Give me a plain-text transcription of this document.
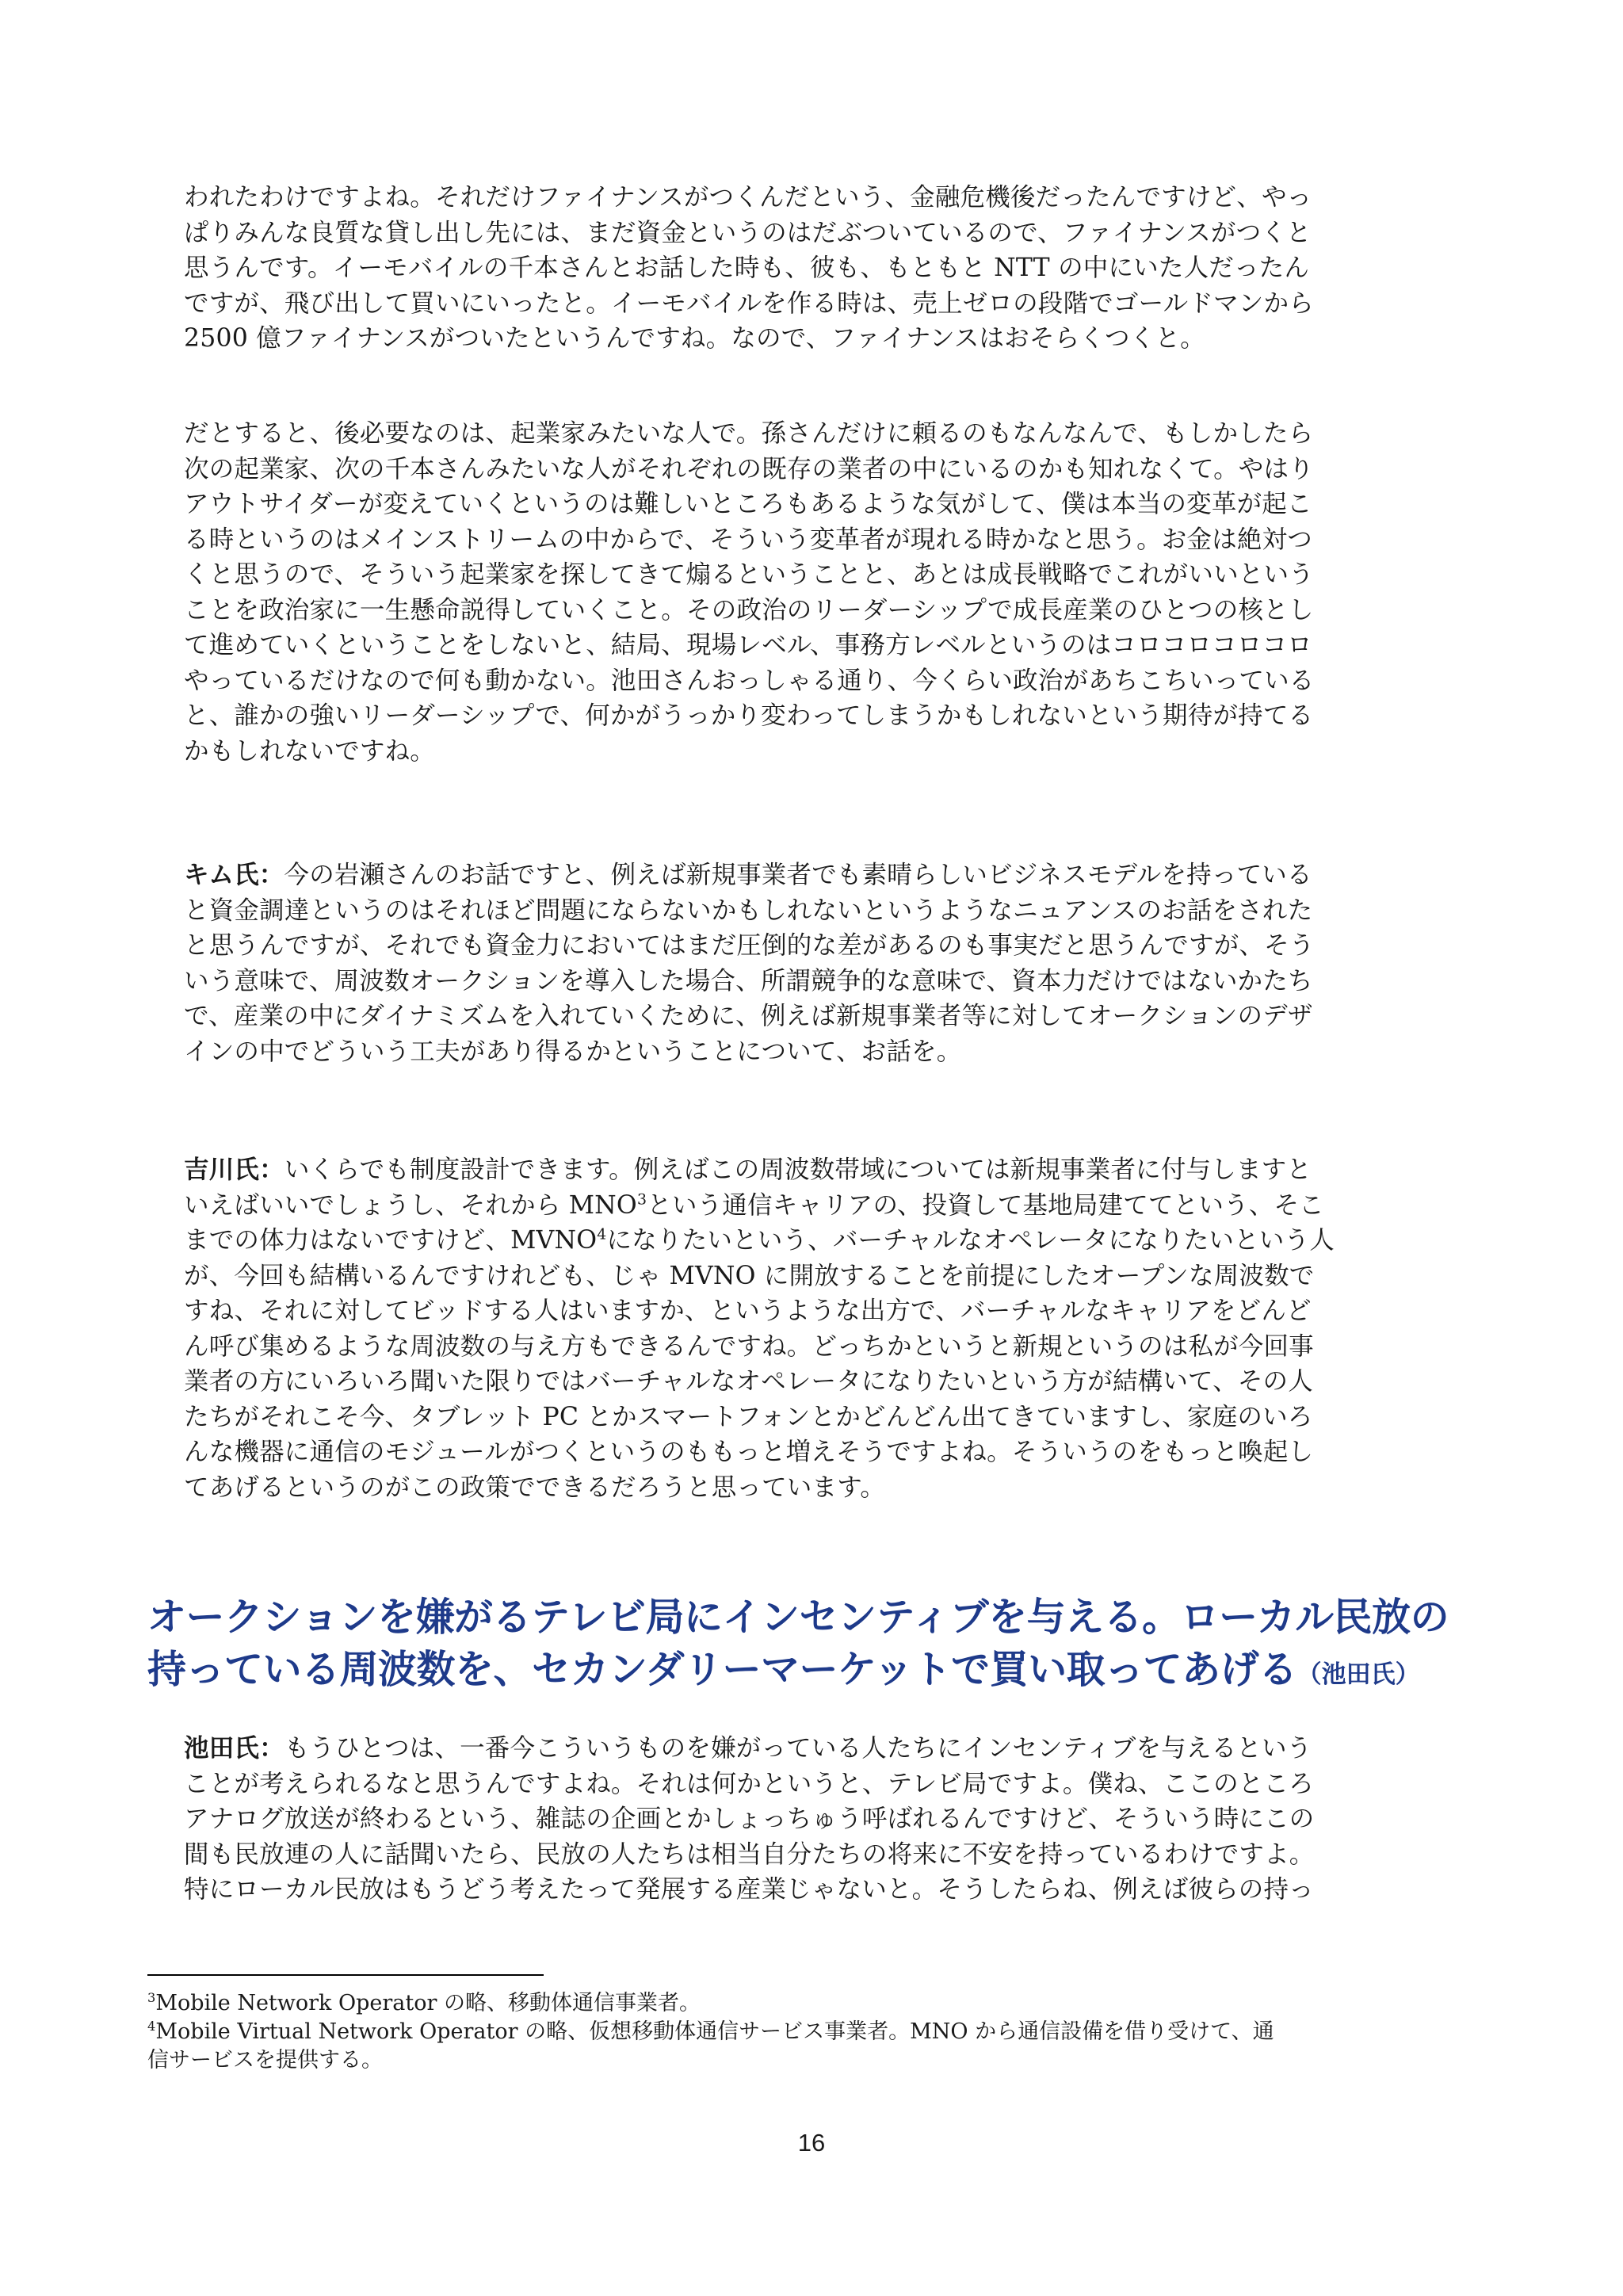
われたわけですよね。それだけファイナンスがつくんだという、金融危機後だったんですけど、やっ
ぱりみんな良質な貸し出し先には、まだ資金というのはだぶついているので、ファイナンスがつくと
思うんです。イーモバイルの千本さんとお話した時も、彼も、もともと NTT の中にいた人だったん
ですが、飛び出して買いにいったと。イーモバイルを作る時は、売上ゼロの段階でゴールドマンから
2500 億ファイナンスがついたというんですね。なので、ファイナンスはおそらくつくと。
だとすると、後必要なのは、起業家みたいな人で。孫さんだけに頼るのもなんなんで、もしかしたら
次の起業家、次の千本さんみたいな人がそれぞれの既存の業者の中にいるのかも知れなくて。やはり
アウトサイダーが変えていくというのは難しいところもあるような気がして、僕は本当の変革が起こ
る時というのはメインストリームの中からで、そういう変革者が現れる時かなと思う。お金は絶対つ
くと思うので、そういう起業家を探してきて煽るということと、あとは成長戦略でこれがいいという
ことを政治家に一生懸命説得していくこと。その政治のリーダーシップで成長産業のひとつの核とし
て進めていくということをしないと、結局、現場レベル、事務方レベルというのはコロコロコロコロ
やっているだけなので何も動かない。池田さんおっしゃる通り、今くらい政治があちこちいっている
と、誰かの強いリーダーシップで、何かがうっかり変わってしまうかもしれないという期待が持てる
かもしれないですね。
キム氏：今の岩瀬さんのお話ですと、例えば新規事業者でも素晴らしいビジネスモデルを持っている
と資金調達というのはそれほど問題にならないかもしれないというようなニュアンスのお話をされた
と思うんですが、それでも資金力においてはまだ圧倒的な差があるのも事実だと思うんですが、そう
いう意味で、周波数オークションを導入した場合、所謂競争的な意味で、資本力だけではないかたち
で、産業の中にダイナミズムを入れていくために、例えば新規事業者等に対してオークションのデザ
インの中でどういう工夫があり得るかということについて、お話を。
吉川氏：いくらでも制度設計できます。例えばこの周波数帯域については新規事業者に付与しますと
いえばいいでしょうし、それから MNO$^3$という通信キャリアの、投資して基地局建ててという、そこ
までの体力はないですけど、MVNO$^4$になりたいという、バーチャルなオペレータになりたいという人
が、今回も結構いるんですけれども、じゃ MVNO に開放することを前提にしたオープンな周波数で
すね、それに対してビッドする人はいますか、というような出方で、バーチャルなキャリアをどんど
ん呼び集めるような周波数の与え方もできるんですね。どっちかというと新規というのは私が今回事
業者の方にいろいろ聞いた限りではバーチャルなオペレータになりたいという方が結構いて、その人
たちがそれこそ今、タブレット PC とかスマートフォンとかどんどん出てきていますし、家庭のいろ
んな機器に通信のモジュールがつくというのももっと増えそうですよね。そういうのをもっと喚起し
てあげるというのがこの政策でできるだろうと思っています。
オークションを嫌がるテレビ局にインセンティブを与える。ローカル民放の
持っている周波数を、セカンダリーマーケットで買い取ってあげる（池田氏）
池田氏：もうひとつは、一番今こういうものを嫌がっている人たちにインセンティブを与えるという
ことが考えられるなと思うんですよね。それは何かというと、テレビ局ですよ。僕ね、ここのところ
アナログ放送が終わるという、雑誌の企画とかしょっちゅう呼ばれるんですけど、そういう時にこの
間も民放連の人に話聞いたら、民放の人たちは相当自分たちの将来に不安を持っているわけですよ。
特にローカル民放はもうどう考えたって発展する産業じゃないと。そうしたらね、例えば彼らの持っ
$^3$Mobile Network Operator の略、移動体通信事業者。
$^4$Mobile Virtual Network Operator の略、仮想移動体通信サービス事業者。MNO から通信設備を借り受けて、通
信サービスを提供する。
16
